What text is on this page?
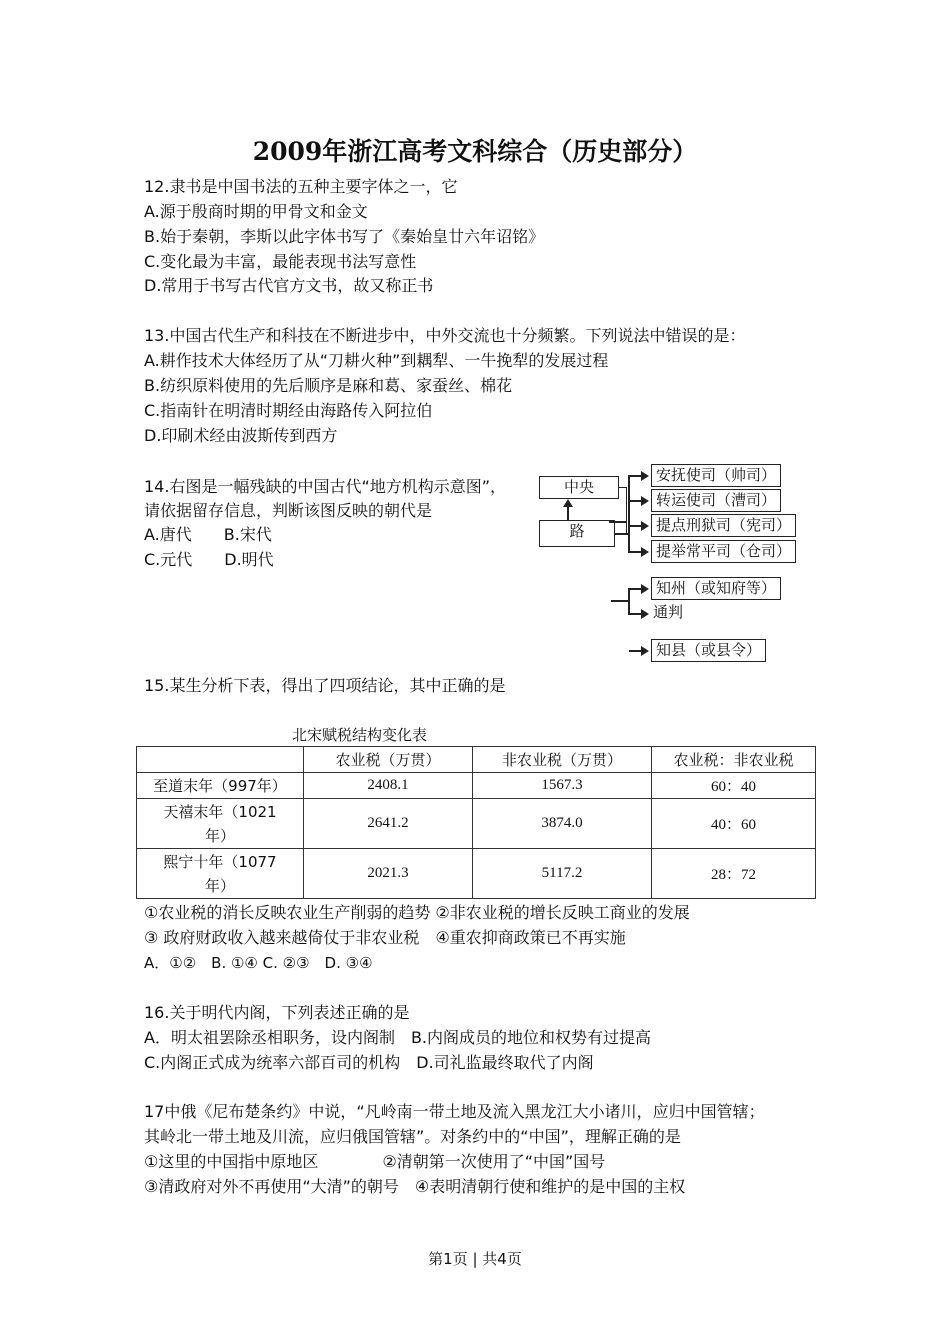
2009年浙江高考文科综合（历史部分）
12.隶书是中国书法的五种主要字体之一，它
A.源于殷商时期的甲骨文和金文
B.始于秦朝，李斯以此字体书写了《秦始皇廿六年诏铭》
C.变化最为丰富，最能表现书法写意性
D.常用于书写古代官方文书，故又称正书
13.中国古代生产和科技在不断进步中，中外交流也十分频繁。下列说法中错误的是：
A.耕作技术大体经历了从“刀耕火种”到耦犁、一牛挽犁的发展过程
B.纺织原料使用的先后顺序是麻和葛、家蚕丝、棉花
C.指南针在明清时期经由海路传入阿拉伯
D.印刷术经由波斯传到西方
14.右图是一幅残缺的中国古代“地方机构示意图”，
请依据留存信息，判断该图反映的朝代是
A.唐代　　B.宋代
C.元代　　D.明代
中央
路
安抚使司（帅司）
转运使司（漕司）
提点刑狱司（宪司）
提举常平司（仓司）
知州（或知府等）
通判
知县（或县令）
15.某生分析下表，得出了四项结论，其中正确的是
北宋赋税结构变化表
	农业税（万贯）	非农业税（万贯）	农业税：非农业税
至道末年（997年）	2408.1	1567.3	60：40
天禧末年（1021年）	2641.2	3874.0	40：60
熙宁十年（1077年）	2021.3	5117.2	28：72
①农业税的消长反映农业生产削弱的趋势 ②非农业税的增长反映工商业的发展
③ 政府财政收入越来越倚仗于非农业税　④重农抑商政策已不再实施
A．①②　B. ①④ C. ②③　D. ③④
16.关于明代内阁，下列表述正确的是
A．明太祖罢除丞相职务，设内阁制　B.内阁成员的地位和权势有过提高
C.内阁正式成为统率六部百司的机构　D.司礼监最终取代了内阁
17中俄《尼布楚条约》中说，“凡岭南一带土地及流入黑龙江大小诸川，应归中国管辖；
其岭北一带土地及川流，应归俄国管辖”。对条约中的“中国”，理解正确的是
①这里的中国指中原地区　　　　②清朝第一次使用了“中国”国号
③清政府对外不再使用“大清”的朝号　④表明清朝行使和维护的是中国的主权
第1页 | 共4页
